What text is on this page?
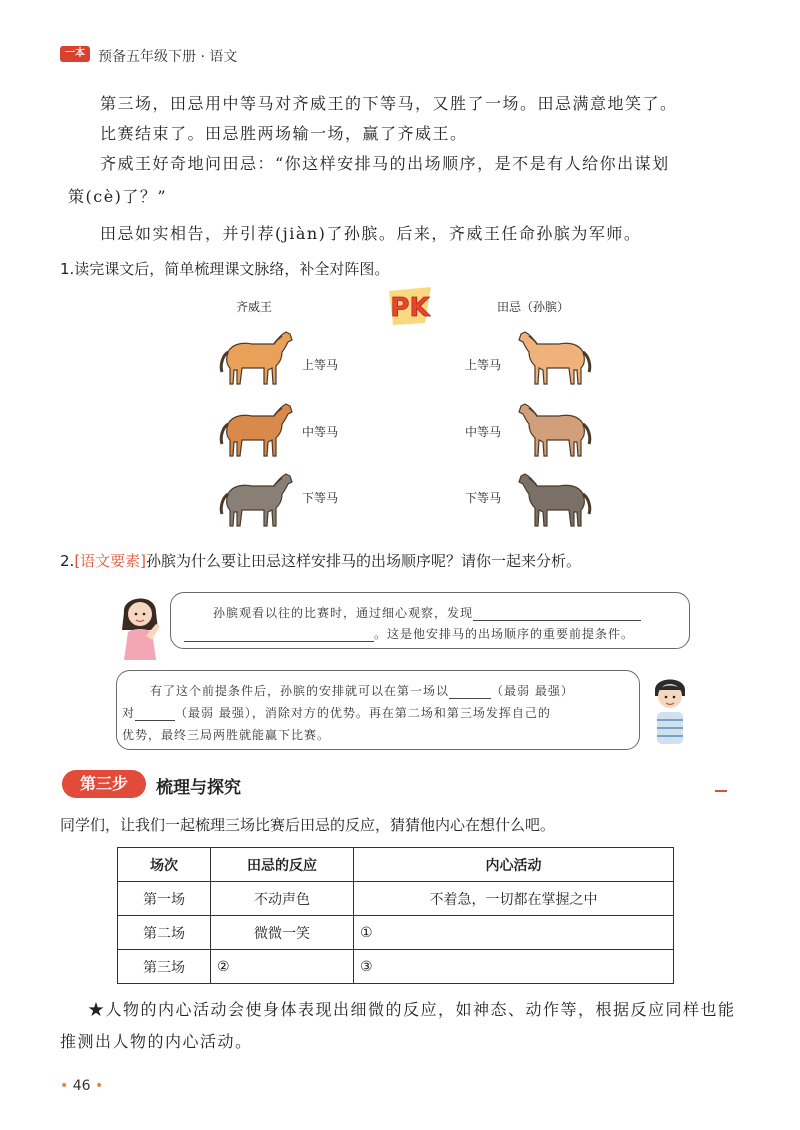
一本 预备五年级下册 · 语文
第三场，田忌用中等马对齐威王的下等马，又胜了一场。田忌满意地笑了。
比赛结束了。田忌胜两场输一场，赢了齐威王。
齐威王好奇地问田忌：“你这样安排马的出场顺序，是不是有人给你出谋划
策(cè)了？”
田忌如实相告，并引荐(jiàn)了孙膑。后来，齐威王任命孙膑为军师。
1.读完课文后，简单梳理课文脉络，补全对阵图。
齐威王	田忌（孙膑）
PK
上等马
中等马
下等马
上等马
中等马
下等马
2.[语文要素]孙膑为什么要让田忌这样安排马的出场顺序呢？请你一起来分析。
孙膑观看以往的比赛时，通过细心观察，发现
。这是他安排马的出场顺序的重要前提条件。
有了这个前提条件后，孙膑的安排就可以在第一场以	（最弱 最强）
对	（最弱 最强），消除对方的优势。再在第二场和第三场发挥自己的
优势，最终三局两胜就能赢下比赛。
第三步	梳理与探究
同学们，让我们一起梳理三场比赛后田忌的反应，猜猜他内心在想什么吧。
场次	田忌的反应	内心活动
第一场	不动声色	不着急，一切都在掌握之中
第二场	微微一笑	①
第三场	②	③
★人物的内心活动会使身体表现出细微的反应，如神态、动作等，根据反应同样也能
推测出人物的内心活动。
• 46 •
